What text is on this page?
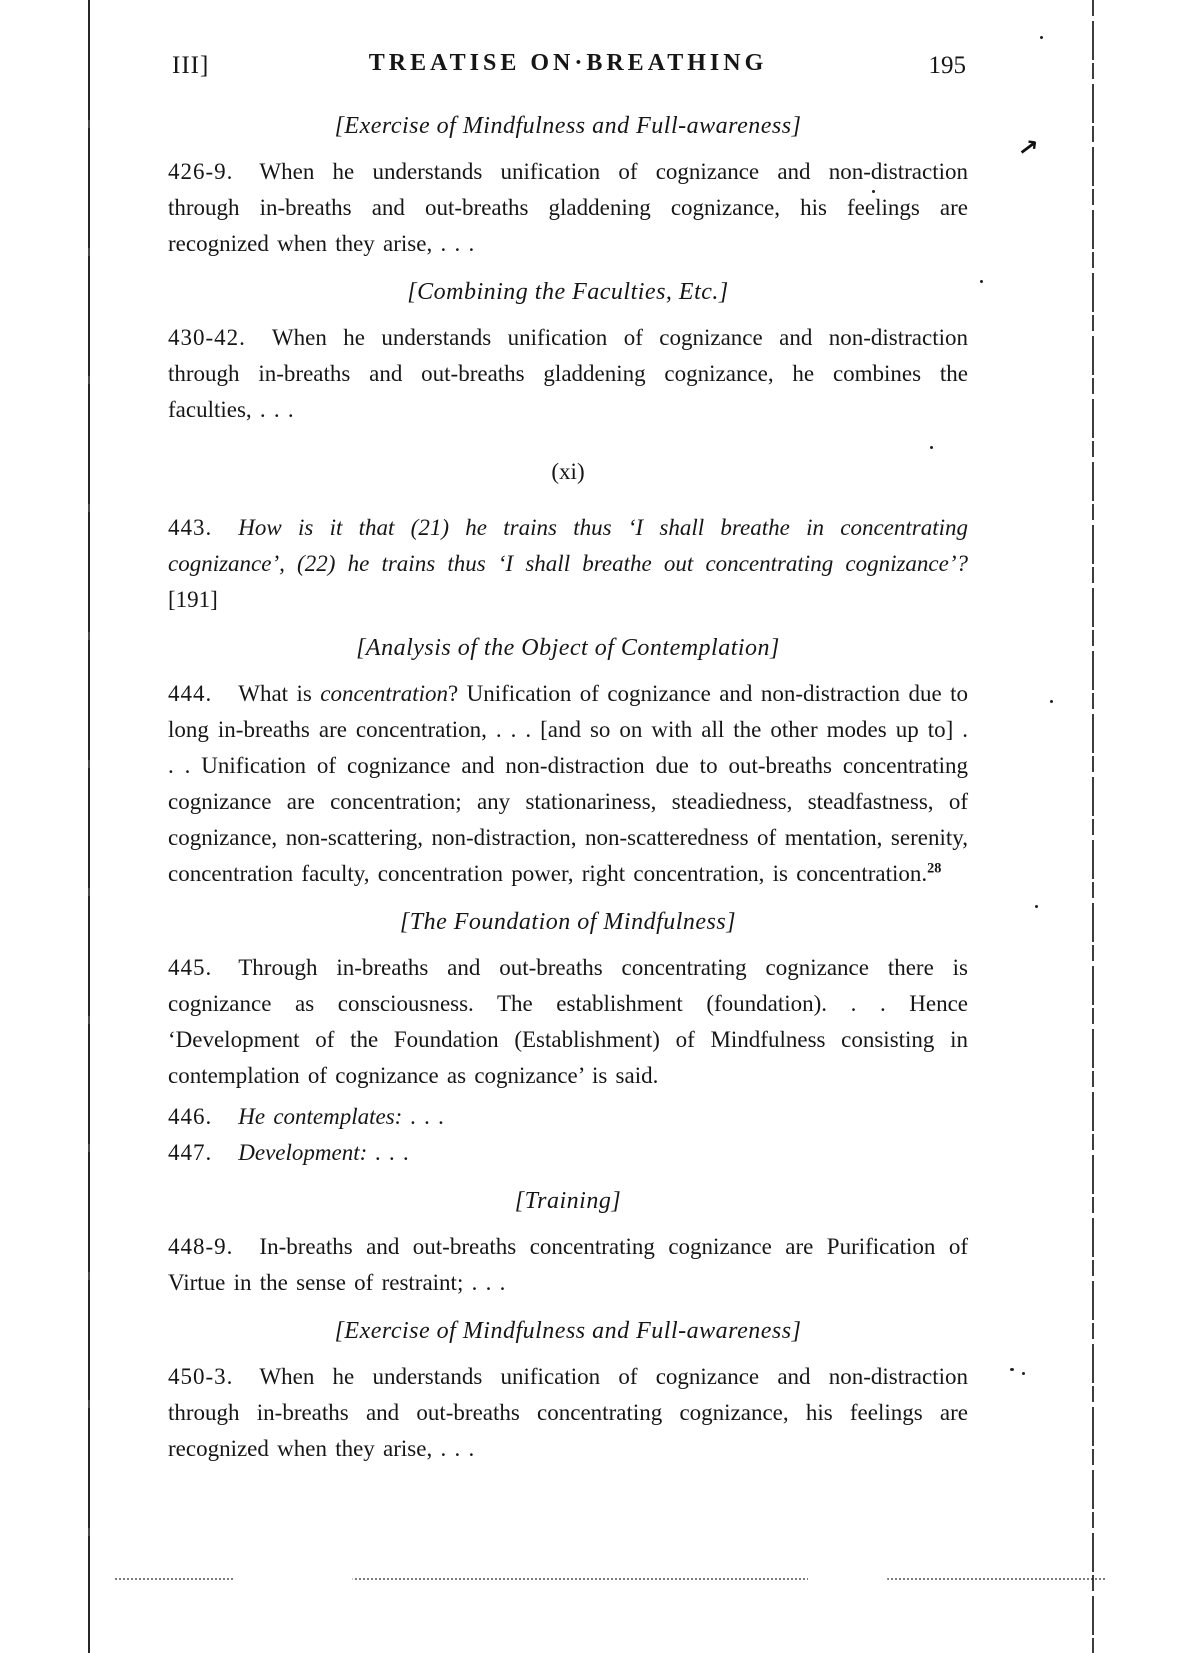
↗
III]	TREATISE ON·BREATHING	195
[Exercise of Mindfulness and Full-awareness]
426-9. When he understands unification of cognizance and non-distraction through in-breaths and out-breaths gladdening cognizance, his feelings are recognized when they arise, . . .
[Combining the Faculties, Etc.]
430-42. When he understands unification of cognizance and non-distraction through in-breaths and out-breaths gladdening cognizance, he combines the faculties, . . .
(xi)
443. How is it that (21) he trains thus ‘I shall breathe in concentrating cognizance’, (22) he trains thus ‘I shall breathe out concentrating cognizance’? [191]
[Analysis of the Object of Contemplation]
444. What is concentration? Unification of cognizance and non-distraction due to long in-breaths are concentration, . . . [and so on with all the other modes up to] . . . Unification of cognizance and non-distraction due to out-breaths concentrating cognizance are concentration; any stationariness, steadiedness, steadfastness, of cognizance, non-scattering, non-distraction, non-scatteredness of mentation, serenity, concentration faculty, concentration power, right concentration, is concentration.$^{28}$
[The Foundation of Mindfulness]
445. Through in-breaths and out-breaths concentrating cognizance there is cognizance as consciousness. The establishment (foundation). . . Hence ‘Development of the Foundation (Establishment) of Mindfulness consisting in contemplation of cognizance as cognizance’ is said.
446. He contemplates: . . .
447. Development: . . .
[Training]
448-9. In-breaths and out-breaths concentrating cognizance are Purification of Virtue in the sense of restraint; . . .
[Exercise of Mindfulness and Full-awareness]
450-3. When he understands unification of cognizance and non-distraction through in-breaths and out-breaths concentrating cognizance, his feelings are recognized when they arise, . . .
